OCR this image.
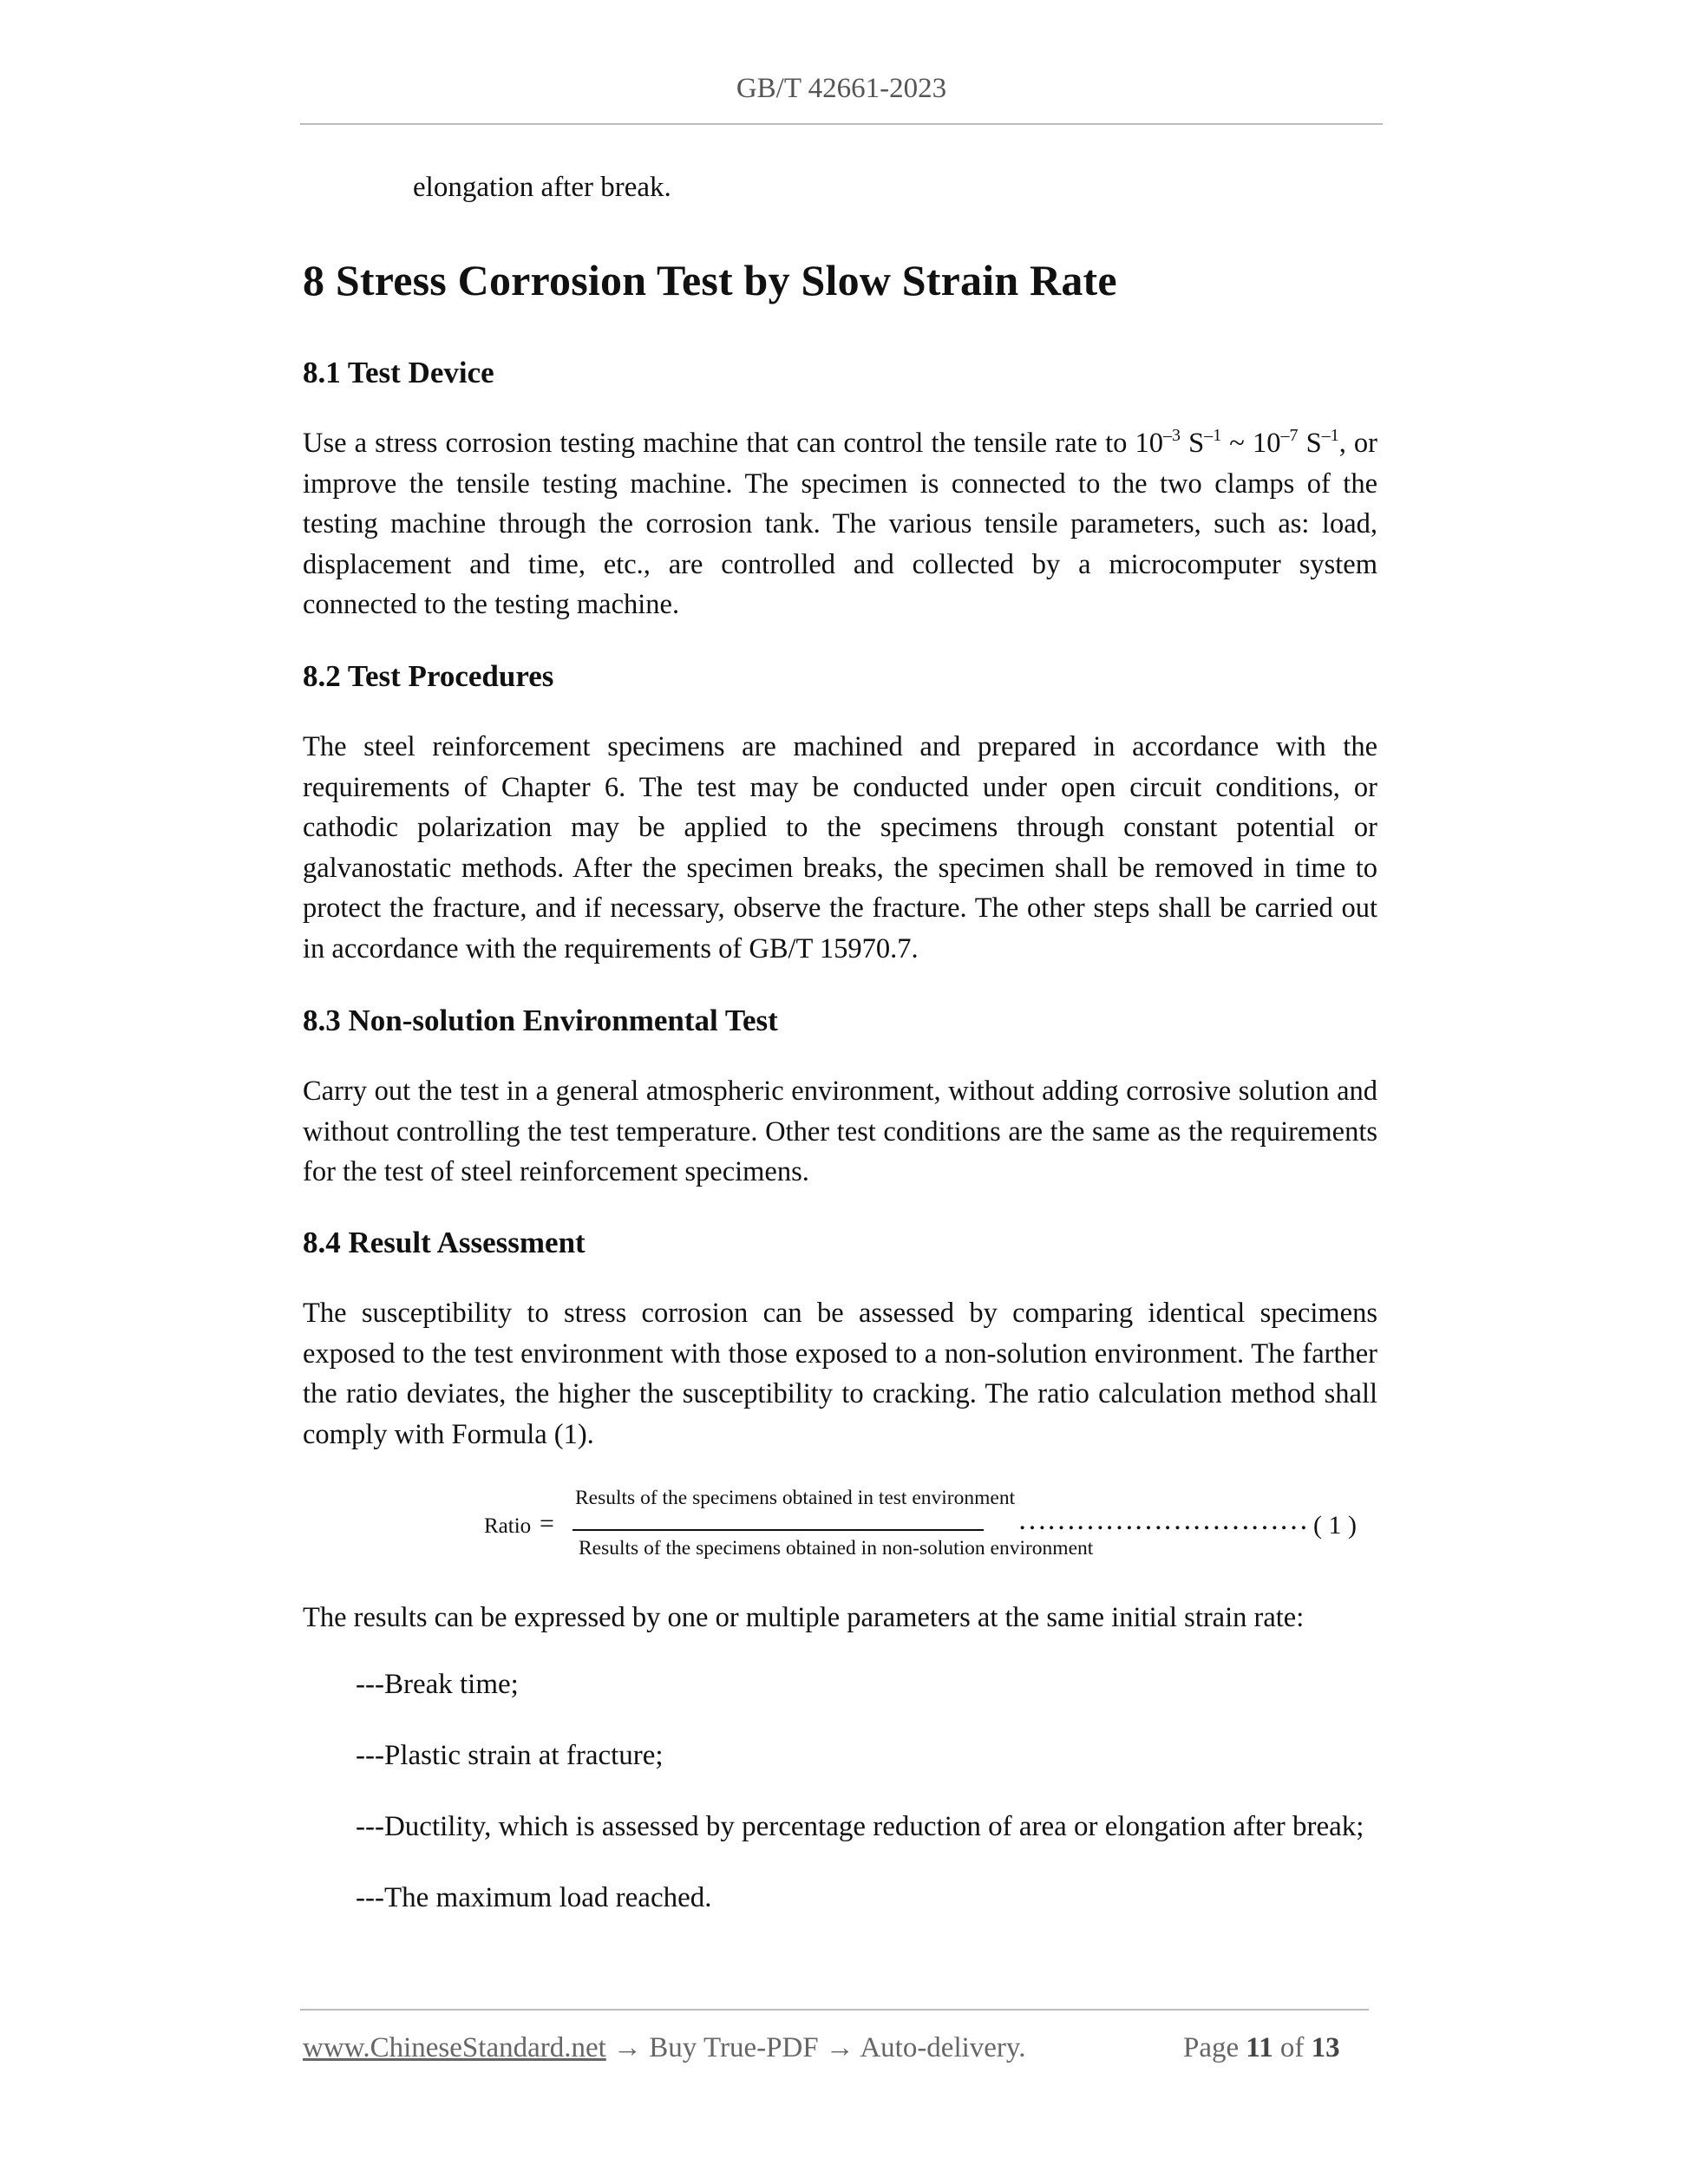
GB/T 42661-2023
elongation after break.
8 Stress Corrosion Test by Slow Strain Rate
8.1 Test Device

Use a stress corrosion testing machine that can control the tensile rate to $10^{-3}$ $S^{-1}$ ~ $10^{-7}$ $S^{-1}$, or improve the tensile testing machine. The specimen is connected to the two clamps of the testing machine through the corrosion tank. The various tensile parameters, such as: load, displacement and time, etc., are controlled and collected by a microcomputer system connected to the testing machine.

8.2 Test Procedures

The steel reinforcement specimens are machined and prepared in accordance with the requirements of Chapter 6. The test may be conducted under open circuit conditions, or cathodic polarization may be applied to the specimens through constant potential or galvanostatic methods. After the specimen breaks, the specimen shall be removed in time to protect the fracture, and if necessary, observe the fracture. The other steps shall be carried out in accordance with the requirements of GB/T 15970.7.

8.3 Non-solution Environmental Test

Carry out the test in a general atmospheric environment, without adding corrosive solution and without controlling the test temperature. Other test conditions are the same as the requirements for the test of steel reinforcement specimens.

8.4 Result Assessment

The susceptibility to stress corrosion can be assessed by comparing identical specimens exposed to the test environment with those exposed to a non-solution environment. The farther the ratio deviates, the higher the susceptibility to cracking. The ratio calculation method shall comply with Formula (1).

Ratio =
Results of the specimens obtained in test environment
Results of the specimens obtained in non-solution environment
………………………… ( 1 )

The results can be expressed by one or multiple parameters at the same initial strain rate:

---Break time;

---Plastic strain at fracture;

---Ductility, which is assessed by percentage reduction of area or elongation after break;

---The maximum load reached.

www.ChineseStandard.net → Buy True-PDF → Auto-delivery.	Page 11 of 13
